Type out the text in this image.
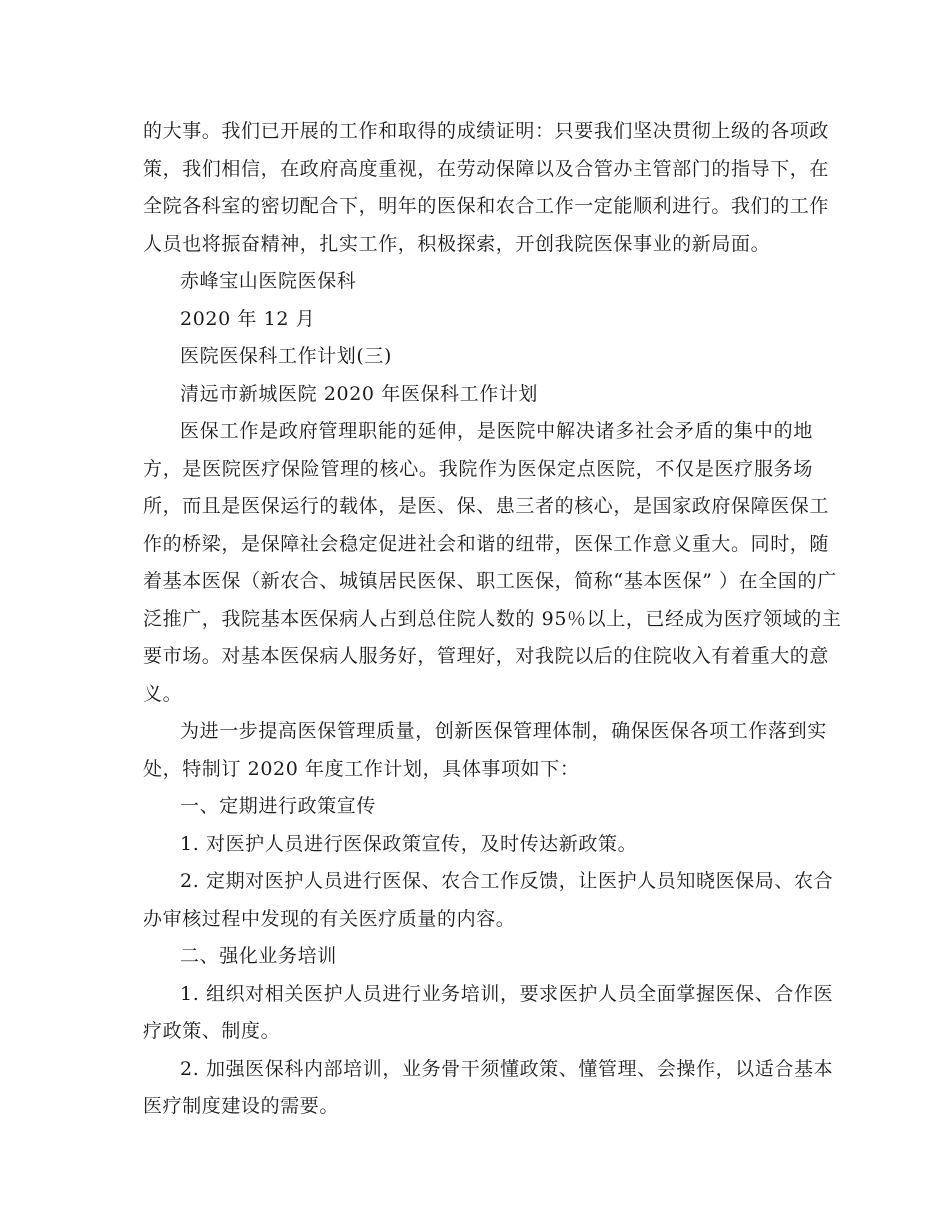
的大事。我们已开展的工作和取得的成绩证明：只要我们坚决贯彻上级的各项政
策，我们相信，在政府高度重视，在劳动保障以及合管办主管部门的指导下，在
全院各科室的密切配合下，明年的医保和农合工作一定能顺利进行。我们的工作
人员也将振奋精神，扎实工作，积极探索，开创我院医保事业的新局面。
赤峰宝山医院医保科
2020 年 12 月
医院医保科工作计划(三)
清远市新城医院 2020 年医保科工作计划
医保工作是政府管理职能的延伸，是医院中解决诸多社会矛盾的集中的地
方，是医院医疗保险管理的核心。我院作为医保定点医院，不仅是医疗服务场
所，而且是医保运行的载体，是医、保、患三者的核心，是国家政府保障医保工
作的桥梁，是保障社会稳定促进社会和谐的纽带，医保工作意义重大。同时，随
着基本医保（新农合、城镇居民医保、职工医保，简称“基本医保” ）在全国的广
泛推广，我院基本医保病人占到总住院人数的 95％以上，已经成为医疗领域的主
要市场。对基本医保病人服务好，管理好，对我院以后的住院收入有着重大的意
义。
为进一步提高医保管理质量，创新医保管理体制，确保医保各项工作落到实
处，特制订 2020 年度工作计划，具体事项如下：
一、定期进行政策宣传
1. 对医护人员进行医保政策宣传，及时传达新政策。
2. 定期对医护人员进行医保、农合工作反馈，让医护人员知晓医保局、农合
办审核过程中发现的有关医疗质量的内容。
二、强化业务培训
1. 组织对相关医护人员进行业务培训，要求医护人员全面掌握医保、合作医
疗政策、制度。
2. 加强医保科内部培训，业务骨干须懂政策、懂管理、会操作，以适合基本
医疗制度建设的需要。
